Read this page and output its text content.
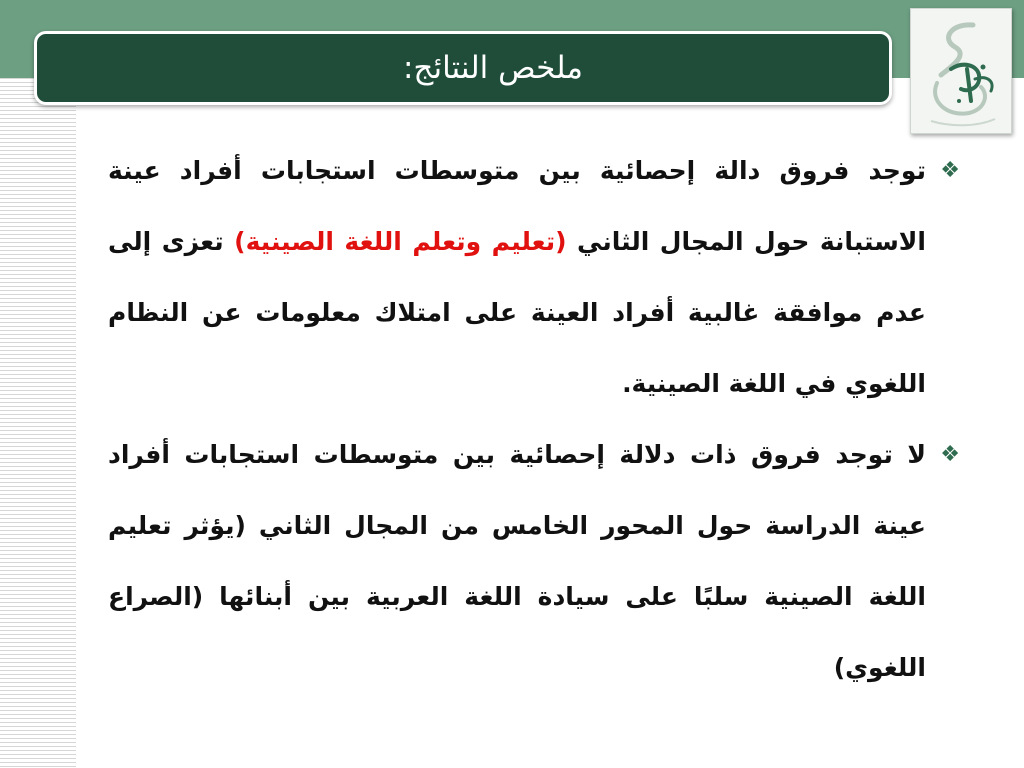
ملخص النتائج:

❖
توجد فروق دالة إحصائية بين متوسطات استجابات أفراد عينة الاستبانة حول المجال الثاني (تعليم وتعلم اللغة الصينية) تعزى إلى عدم موافقة غالبية أفراد العينة على امتلاك معلومات عن النظام اللغوي في اللغة الصينية.

❖
لا توجد فروق ذات دلالة إحصائية بين متوسطات استجابات أفراد عينة الدراسة حول المحور الخامس من المجال الثاني (يؤثر تعليم اللغة الصينية سلبًا على سيادة اللغة العربية بين أبنائها (الصراع اللغوي)
